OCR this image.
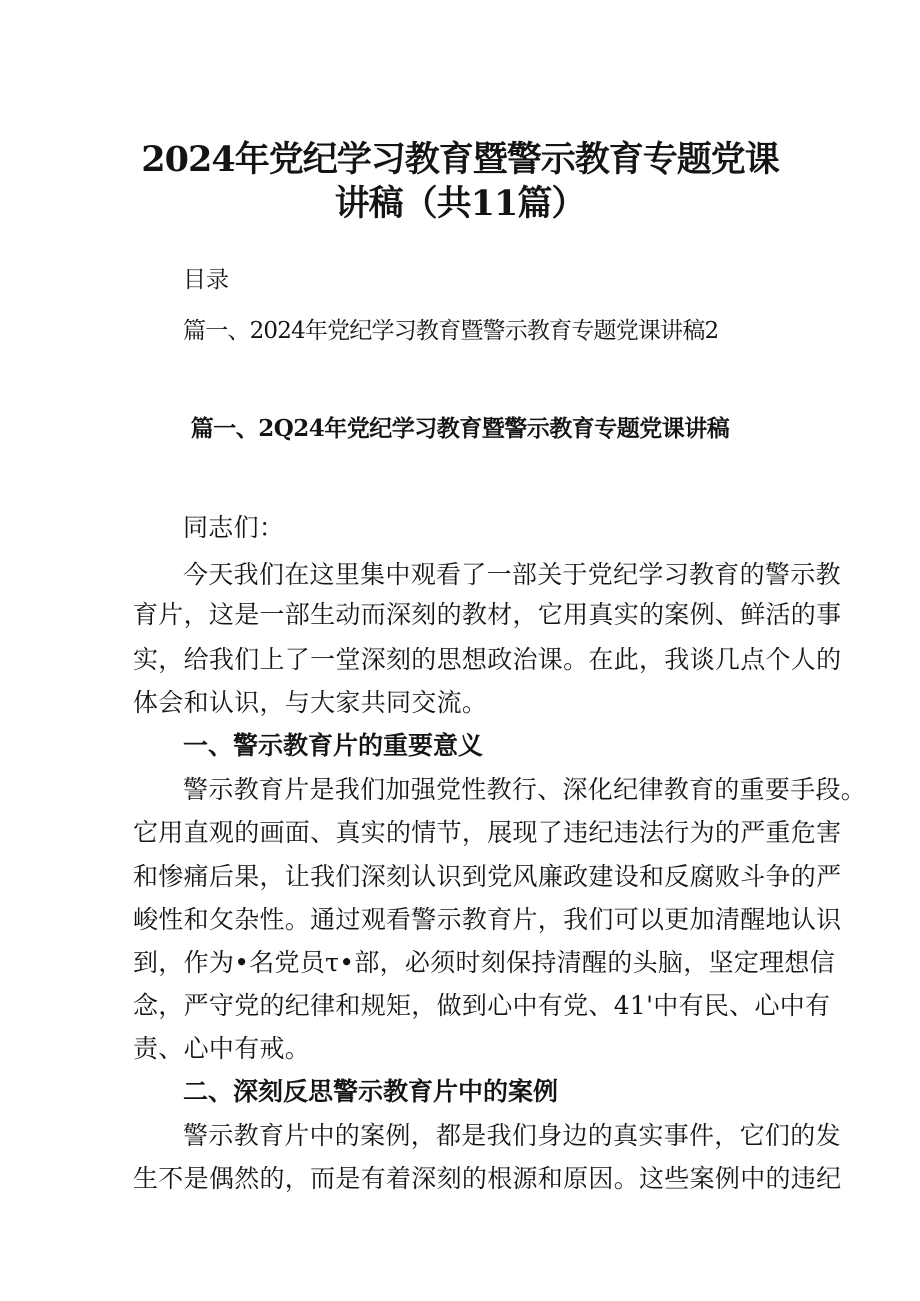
2024年党纪学习教育暨警示教育专题党课
讲稿（共11篇）
目录
篇一、2024年党纪学习教育暨警示教育专题党课讲稿2
篇一、2Q24年党纪学习教育暨警示教育专题党课讲稿
同志们：
今天我们在这里集中观看了一部关于党纪学习教育的警示教
育片，这是一部生动而深刻的教材，它用真实的案例、鲜活的事
实，给我们上了一堂深刻的思想政治课。在此，我谈几点个人的
体会和认识，与大家共同交流。
一、警示教育片的重要意义
警示教育片是我们加强党性教行、深化纪律教育的重要手段。
它用直观的画面、真实的情节，展现了违纪违法行为的严重危害
和惨痛后果，让我们深刻认识到党风廉政建设和反腐败斗争的严
峻性和攵杂性。通过观看警示教育片，我们可以更加清醒地认识
到，作为•名党员τ•部，必须时刻保持清醒的头脑，坚定理想信
念，严守党的纪律和规矩，做到心中有党、41'中有民、心中有
责、心中有戒。
二、深刻反思警示教育片中的案例
警示教育片中的案例，都是我们身边的真实事件，它们的发
生不是偶然的，而是有着深刻的根源和原因。这些案例中的违纪
